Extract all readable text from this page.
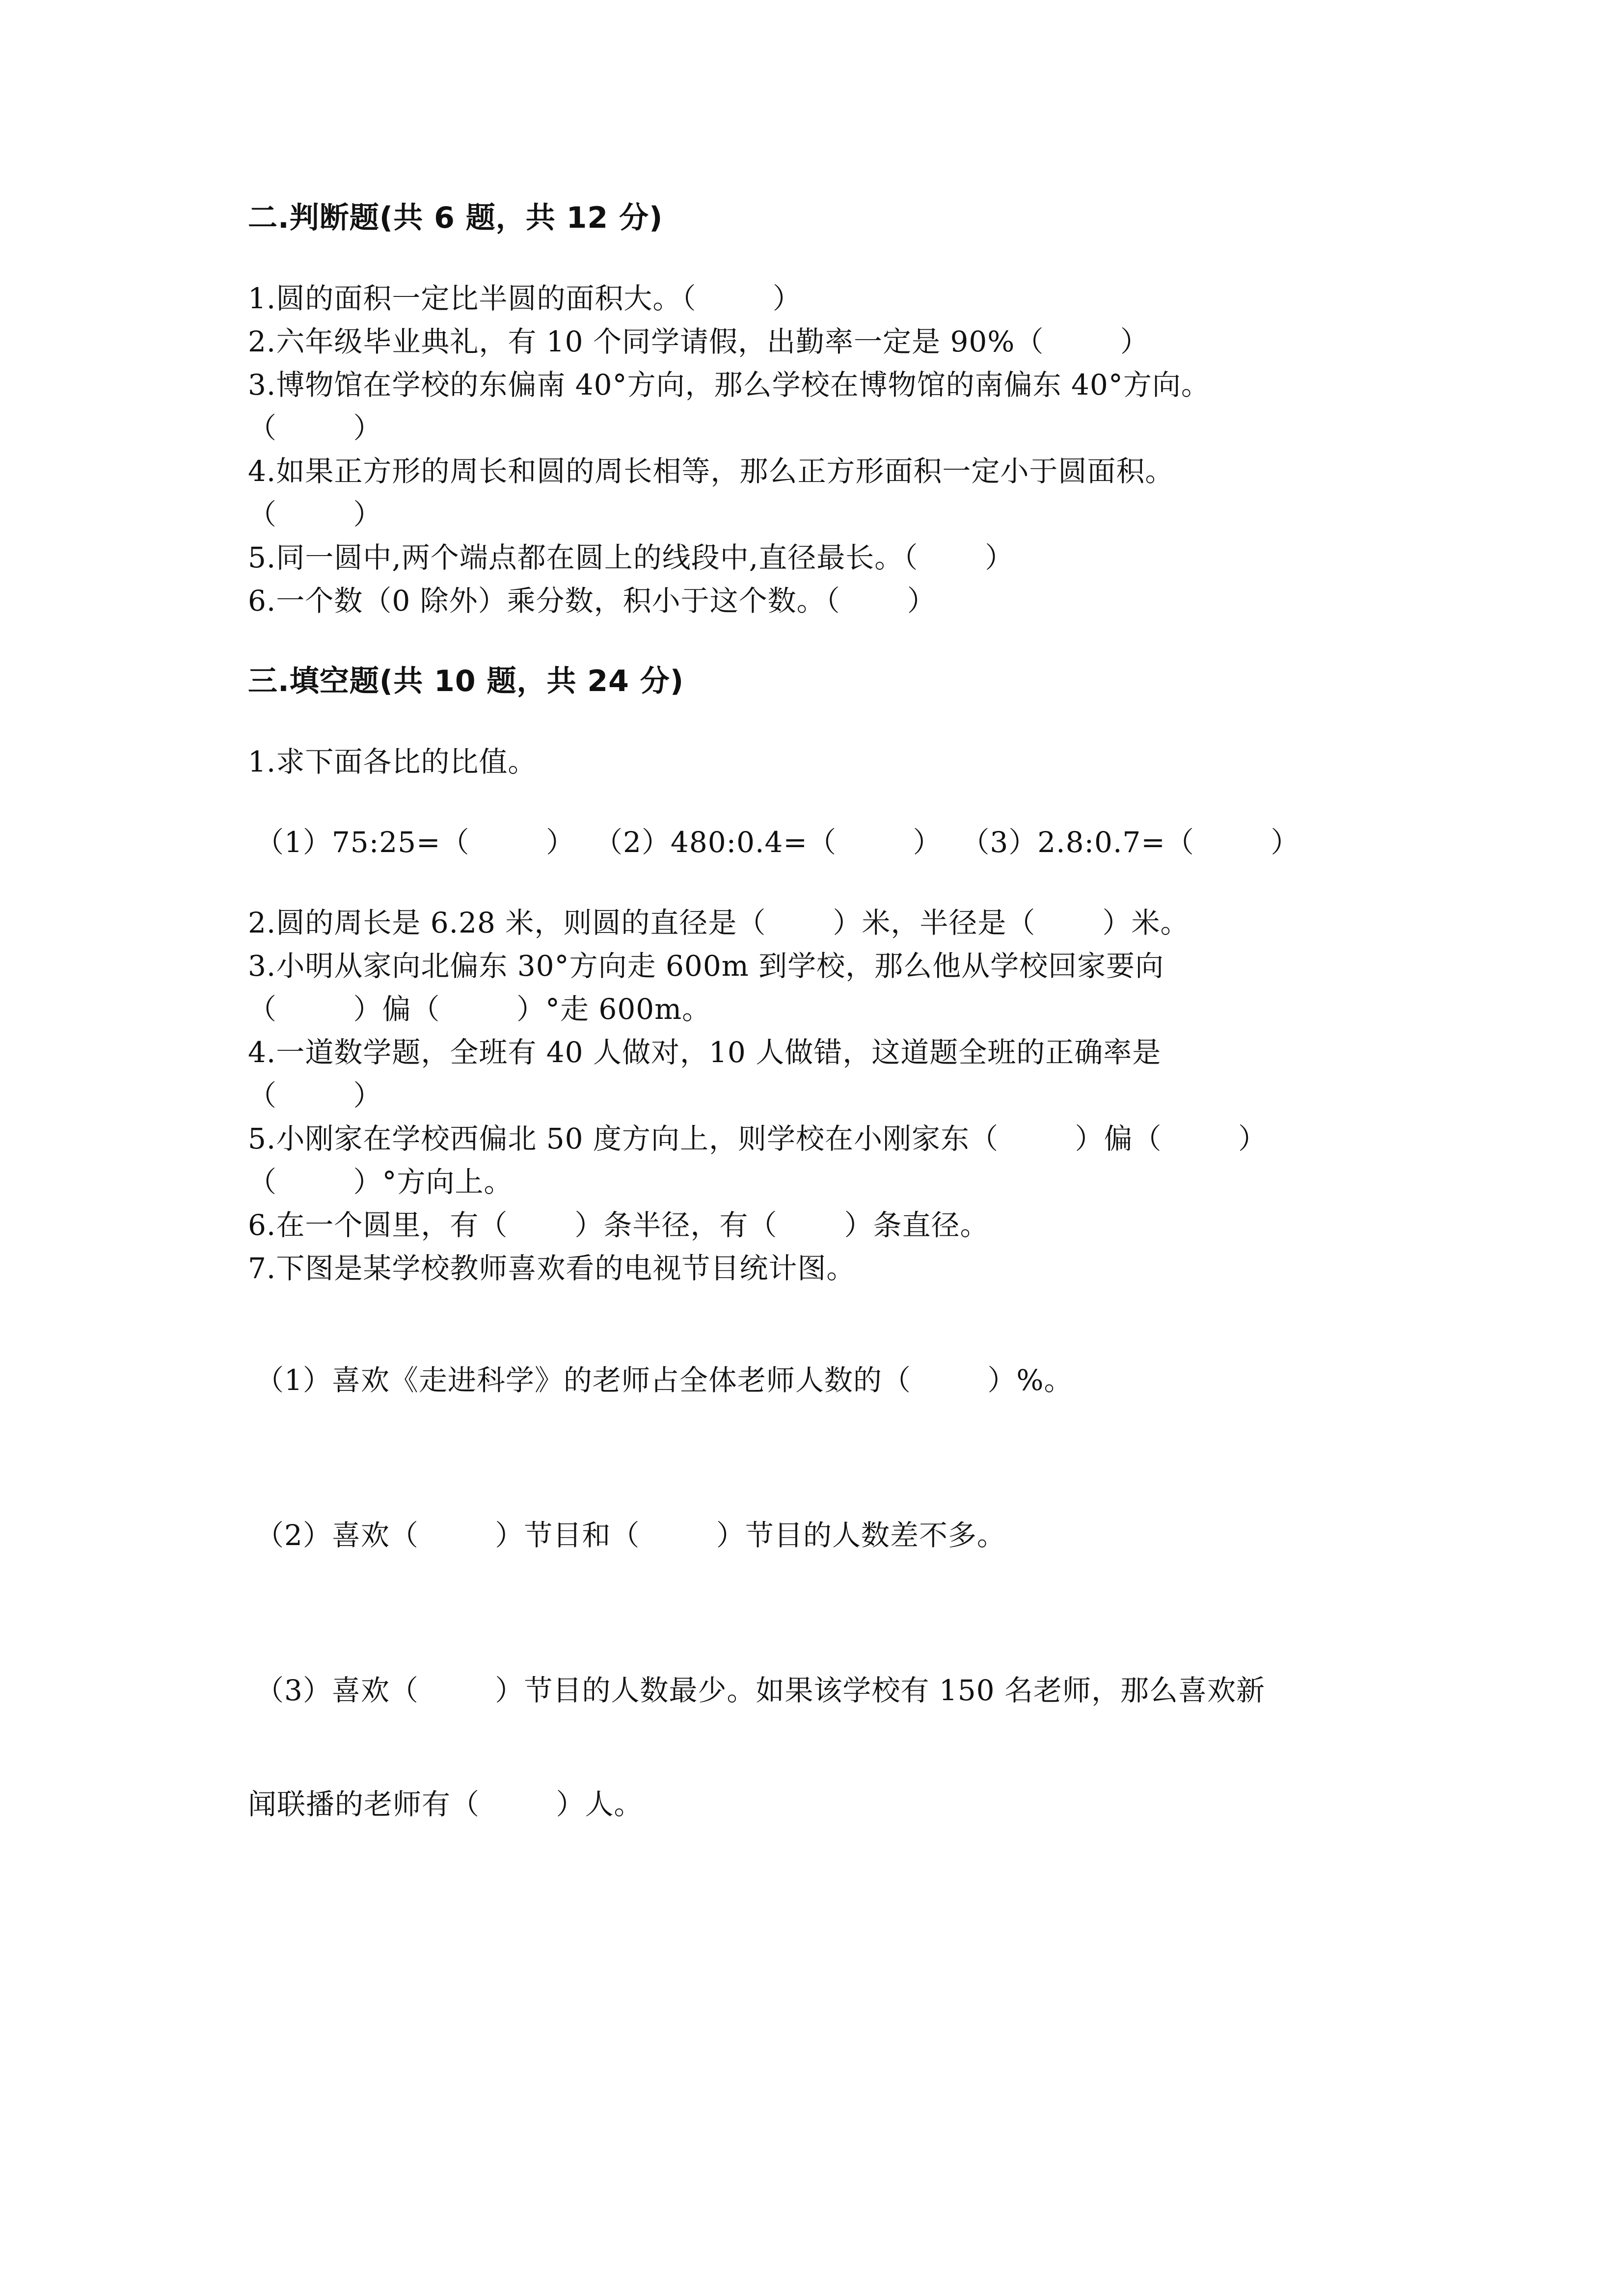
二.判断题(共 6 题，共 12 分)
1.圆的面积一定比半圆的面积大。（        ）
2.六年级毕业典礼，有 10 个同学请假，出勤率一定是 90%（        ）
3.博物馆在学校的东偏南 40°方向，那么学校在博物馆的南偏东 40°方向。
（        ）
4.如果正方形的周长和圆的周长相等，那么正方形面积一定小于圆面积。
（        ）
5.同一圆中,两个端点都在圆上的线段中,直径最长。（       ）
6.一个数（0 除外）乘分数，积小于这个数。（       ）
三.填空题(共 10 题，共 24 分)
1.求下面各比的比值。
（1）75:25=（        ）  （2）480:0.4=（        ）  （3）2.8:0.7=（        ）
2.圆的周长是 6.28 米，则圆的直径是（       ）米，半径是（       ）米。
3.小明从家向北偏东 30°方向走 600m 到学校，那么他从学校回家要向
（        ）偏（        ）°走 600m。
4.一道数学题，全班有 40 人做对，10 人做错，这道题全班的正确率是
（        ）
5.小刚家在学校西偏北 50 度方向上，则学校在小刚家东（        ）偏（        ）
（        ）°方向上。
6.在一个圆里，有（       ）条半径，有（       ）条直径。
7.下图是某学校教师喜欢看的电视节目统计图。
（1）喜欢《走进科学》的老师占全体老师人数的（        ）%。
（2）喜欢（        ）节目和（        ）节目的人数差不多。
（3）喜欢（        ）节目的人数最少。如果该学校有 150 名老师，那么喜欢新
闻联播的老师有（        ）人。
